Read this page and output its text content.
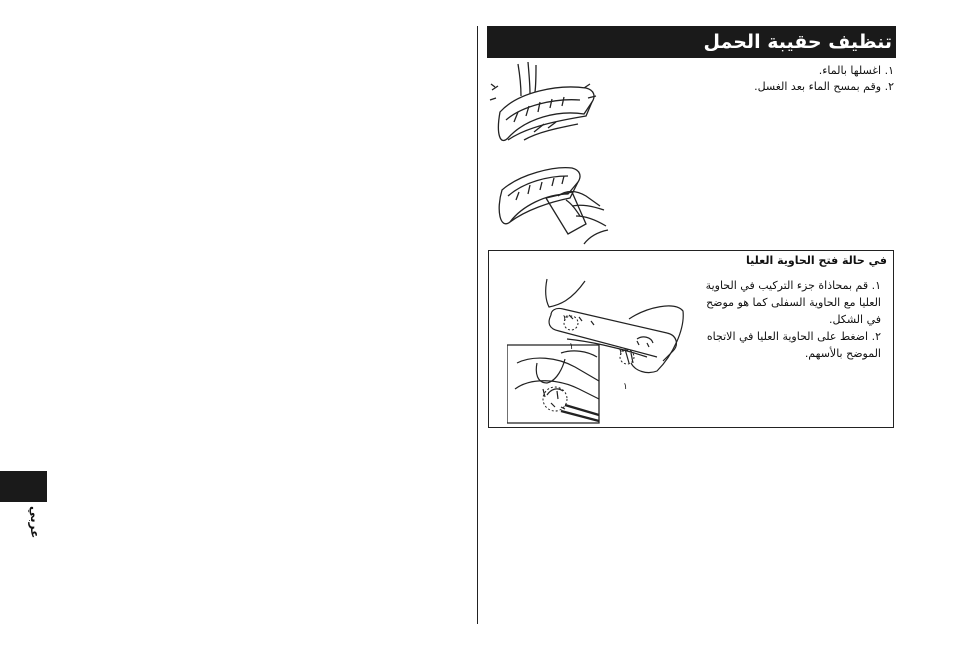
عربي
تنظيف حقيبة الحمل
١. اغسلها بالماء.
٢. وقم بمسح الماء بعد الغسل.
في حالة فتح الحاوية العليا
١. قم بمحاذاة جزء التركيب في الحاوية العليا مع الحاوية السفلى كما هو موضح في الشكل.
٢. اضغط على الحاوية العليا في الاتجاه الموضح بالأسهم.
٢
١
٢
١
